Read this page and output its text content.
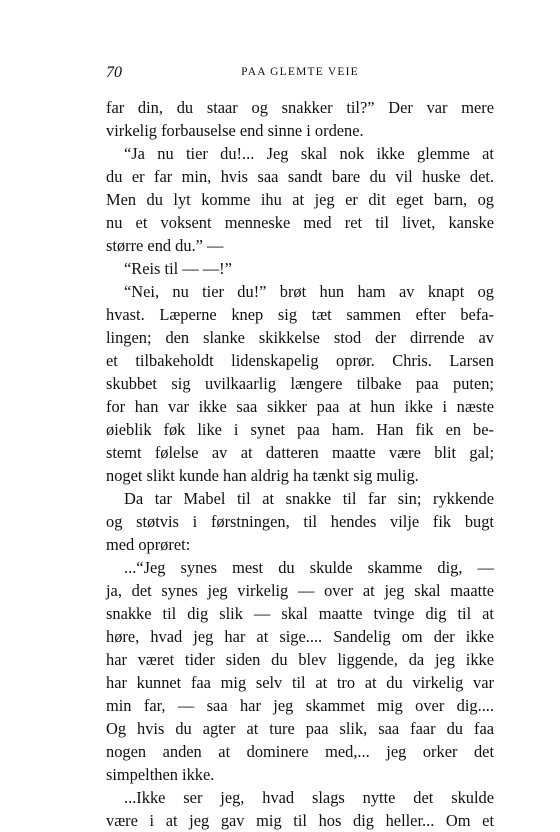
70	PAA GLEMTE VEIE
far din, du staar og snakker til?” Der var mere
virkelig forbauselse end sinne i ordene.
“Ja nu tier du!... Jeg skal nok ikke glemme at
du er far min, hvis saa sandt bare du vil huske det.
Men du lyt komme ihu at jeg er dit eget barn, og
nu et voksent menneske med ret til livet, kanske
større end du.” —
“Reis til — —!”
“Nei, nu tier du!” brøt hun ham av knapt og
hvast. Læperne knep sig tæt sammen efter befa-
lingen; den slanke skikkelse stod der dirrende av
et tilbakeholdt lidenskapelig oprør. Chris. Larsen
skubbet sig uvilkaarlig længere tilbake paa puten;
for han var ikke saa sikker paa at hun ikke i næste
øieblik føk like i synet paa ham. Han fik en be-
stemt følelse av at datteren maatte være blit gal;
noget slikt kunde han aldrig ha tænkt sig mulig.
Da tar Mabel til at snakke til far sin; rykkende
og støtvis i førstningen, til hendes vilje fik bugt
med oprøret:
...“Jeg synes mest du skulde skamme dig, —
ja, det synes jeg virkelig — over at jeg skal maatte
snakke til dig slik — skal maatte tvinge dig til at
høre, hvad jeg har at sige.... Sandelig om der ikke
har været tider siden du blev liggende, da jeg ikke
har kunnet faa mig selv til at tro at du virkelig var
min far, — saa har jeg skammet mig over dig....
Og hvis du agter at ture paa slik, saa faar du faa
nogen anden at dominere med,... jeg orker det
simpelthen ikke.
...Ikke ser jeg, hvad slags nytte det skulde
være i at jeg gav mig til hos dig heller... Om et
